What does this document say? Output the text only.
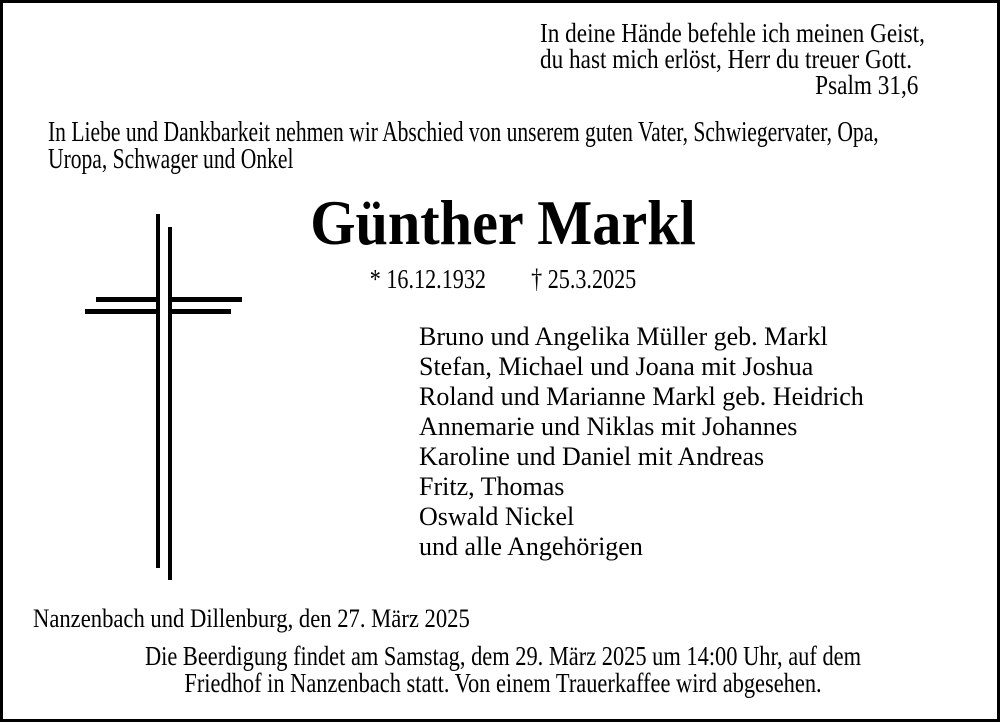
In deine Hände befehle ich meinen Geist,
du hast mich erlöst, Herr du treuer Gott.
Psalm 31,6
In Liebe und Dankbarkeit nehmen wir Abschied von unserem guten Vater, Schwiegervater, Opa,
Uropa, Schwager und Onkel
Günther Markl
* 16.12.1932 † 25.3.2025
Bruno und Angelika Müller geb. Markl
Stefan, Michael und Joana mit Joshua
Roland und Marianne Markl geb. Heidrich
Annemarie und Niklas mit Johannes
Karoline und Daniel mit Andreas
Fritz, Thomas
Oswald Nickel
und alle Angehörigen
Nanzenbach und Dillenburg, den 27. März 2025
Die Beerdigung findet am Samstag, dem 29. März 2025 um 14:00 Uhr, auf dem
Friedhof in Nanzenbach statt. Von einem Trauerkaffee wird abgesehen.
